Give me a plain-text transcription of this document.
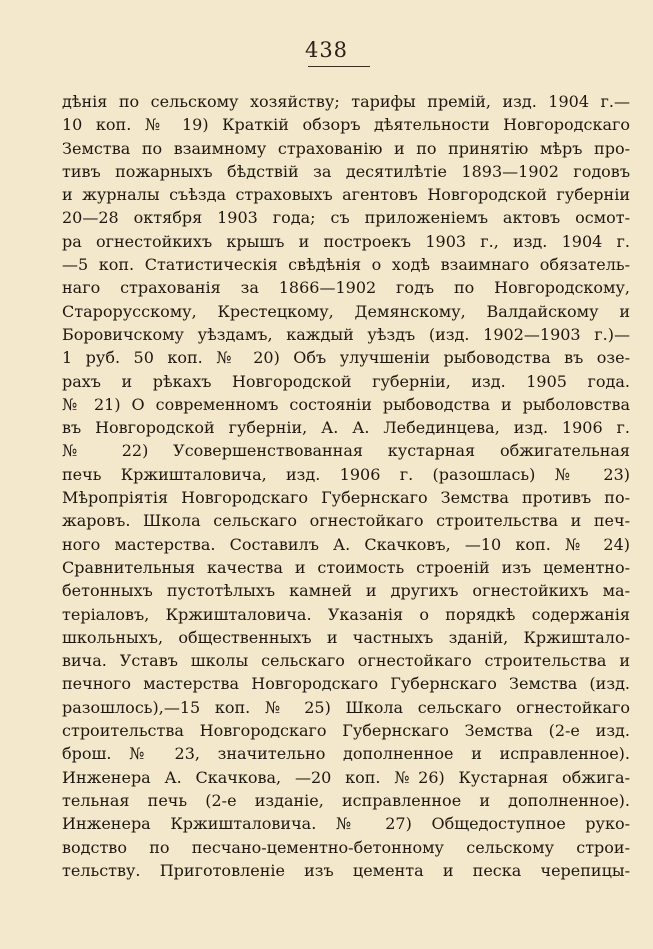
438
дѣнія по сельскому хозяйству; тарифы премій, изд. 1904 г.—
10 коп. № 19) Краткій обзоръ дѣятельности Новгородскаго
Земства по взаимному страхованію и по принятію мѣръ про-
тивъ пожарныхъ бѣдствій за десятилѣтіе 1893—1902 годовъ
и журналы съѣзда страховыхъ агентовъ Новгородской губерніи
20—28 октября 1903 года; съ приложеніемъ актовъ осмот-
ра огнестойкихъ крышъ и построекъ 1903 г., изд. 1904 г.
—5 коп. Статистическія свѣдѣнія о ходѣ взаимнаго обязатель-
наго страхованія за 1866—1902 годъ по Новгородскому,
Старорусскому, Крестецкому, Демянскому, Валдайскому и
Боровичскому уѣздамъ, каждый уѣздъ (изд. 1902—1903 г.)—
1 руб. 50 коп. № 20) Объ улучшеніи рыбоводства въ озе-
рахъ и рѣкахъ Новгородской губерніи, изд. 1905 года.
№ 21) О современномъ состояніи рыбоводства и рыболовства
въ Новгородской губерніи, А. А. Лебединцева, изд. 1906 г.
№ 22) Усовершенствованная кустарная обжигательная
печь Кржишталовича, изд. 1906 г. (разошлась) № 23)
Мѣропріятія Новгородскаго Губернскаго Земства противъ по-
жаровъ. Школа сельскаго огнестойкаго строительства и печ-
ного мастерства. Составилъ А. Скачковъ, —10 коп. № 24)
Сравнительныя качества и стоимость строеній изъ цементно-
бетонныхъ пустотѣлыхъ камней и другихъ огнестойкихъ ма-
теріаловъ, Кржишталовича. Указанія о порядкѣ содержанія
школьныхъ, общественныхъ и частныхъ зданій, Кржишталo-
вича. Уставъ школы сельскаго огнестойкаго строительства и
печного мастерства Новгородскаго Губернскаго Земства (изд.
разошлось),—15 коп. № 25) Школа сельскаго огнестойкаго
строительства Новгородскаго Губернскаго Земства (2-е изд.
брош. № 23, значительно дополненное и исправленное).
Инженера А. Скачкова, —20 коп. №26) Кустарная обжига-
тельная печь (2-е изданіе, исправленное и дополненное).
Инженера Кржишталовича. № 27) Общедоступное руко-
водство по песчано-цементно-бетонному сельскому строи-
тельству. Приготовленіе изъ цемента и песка черепицы-
